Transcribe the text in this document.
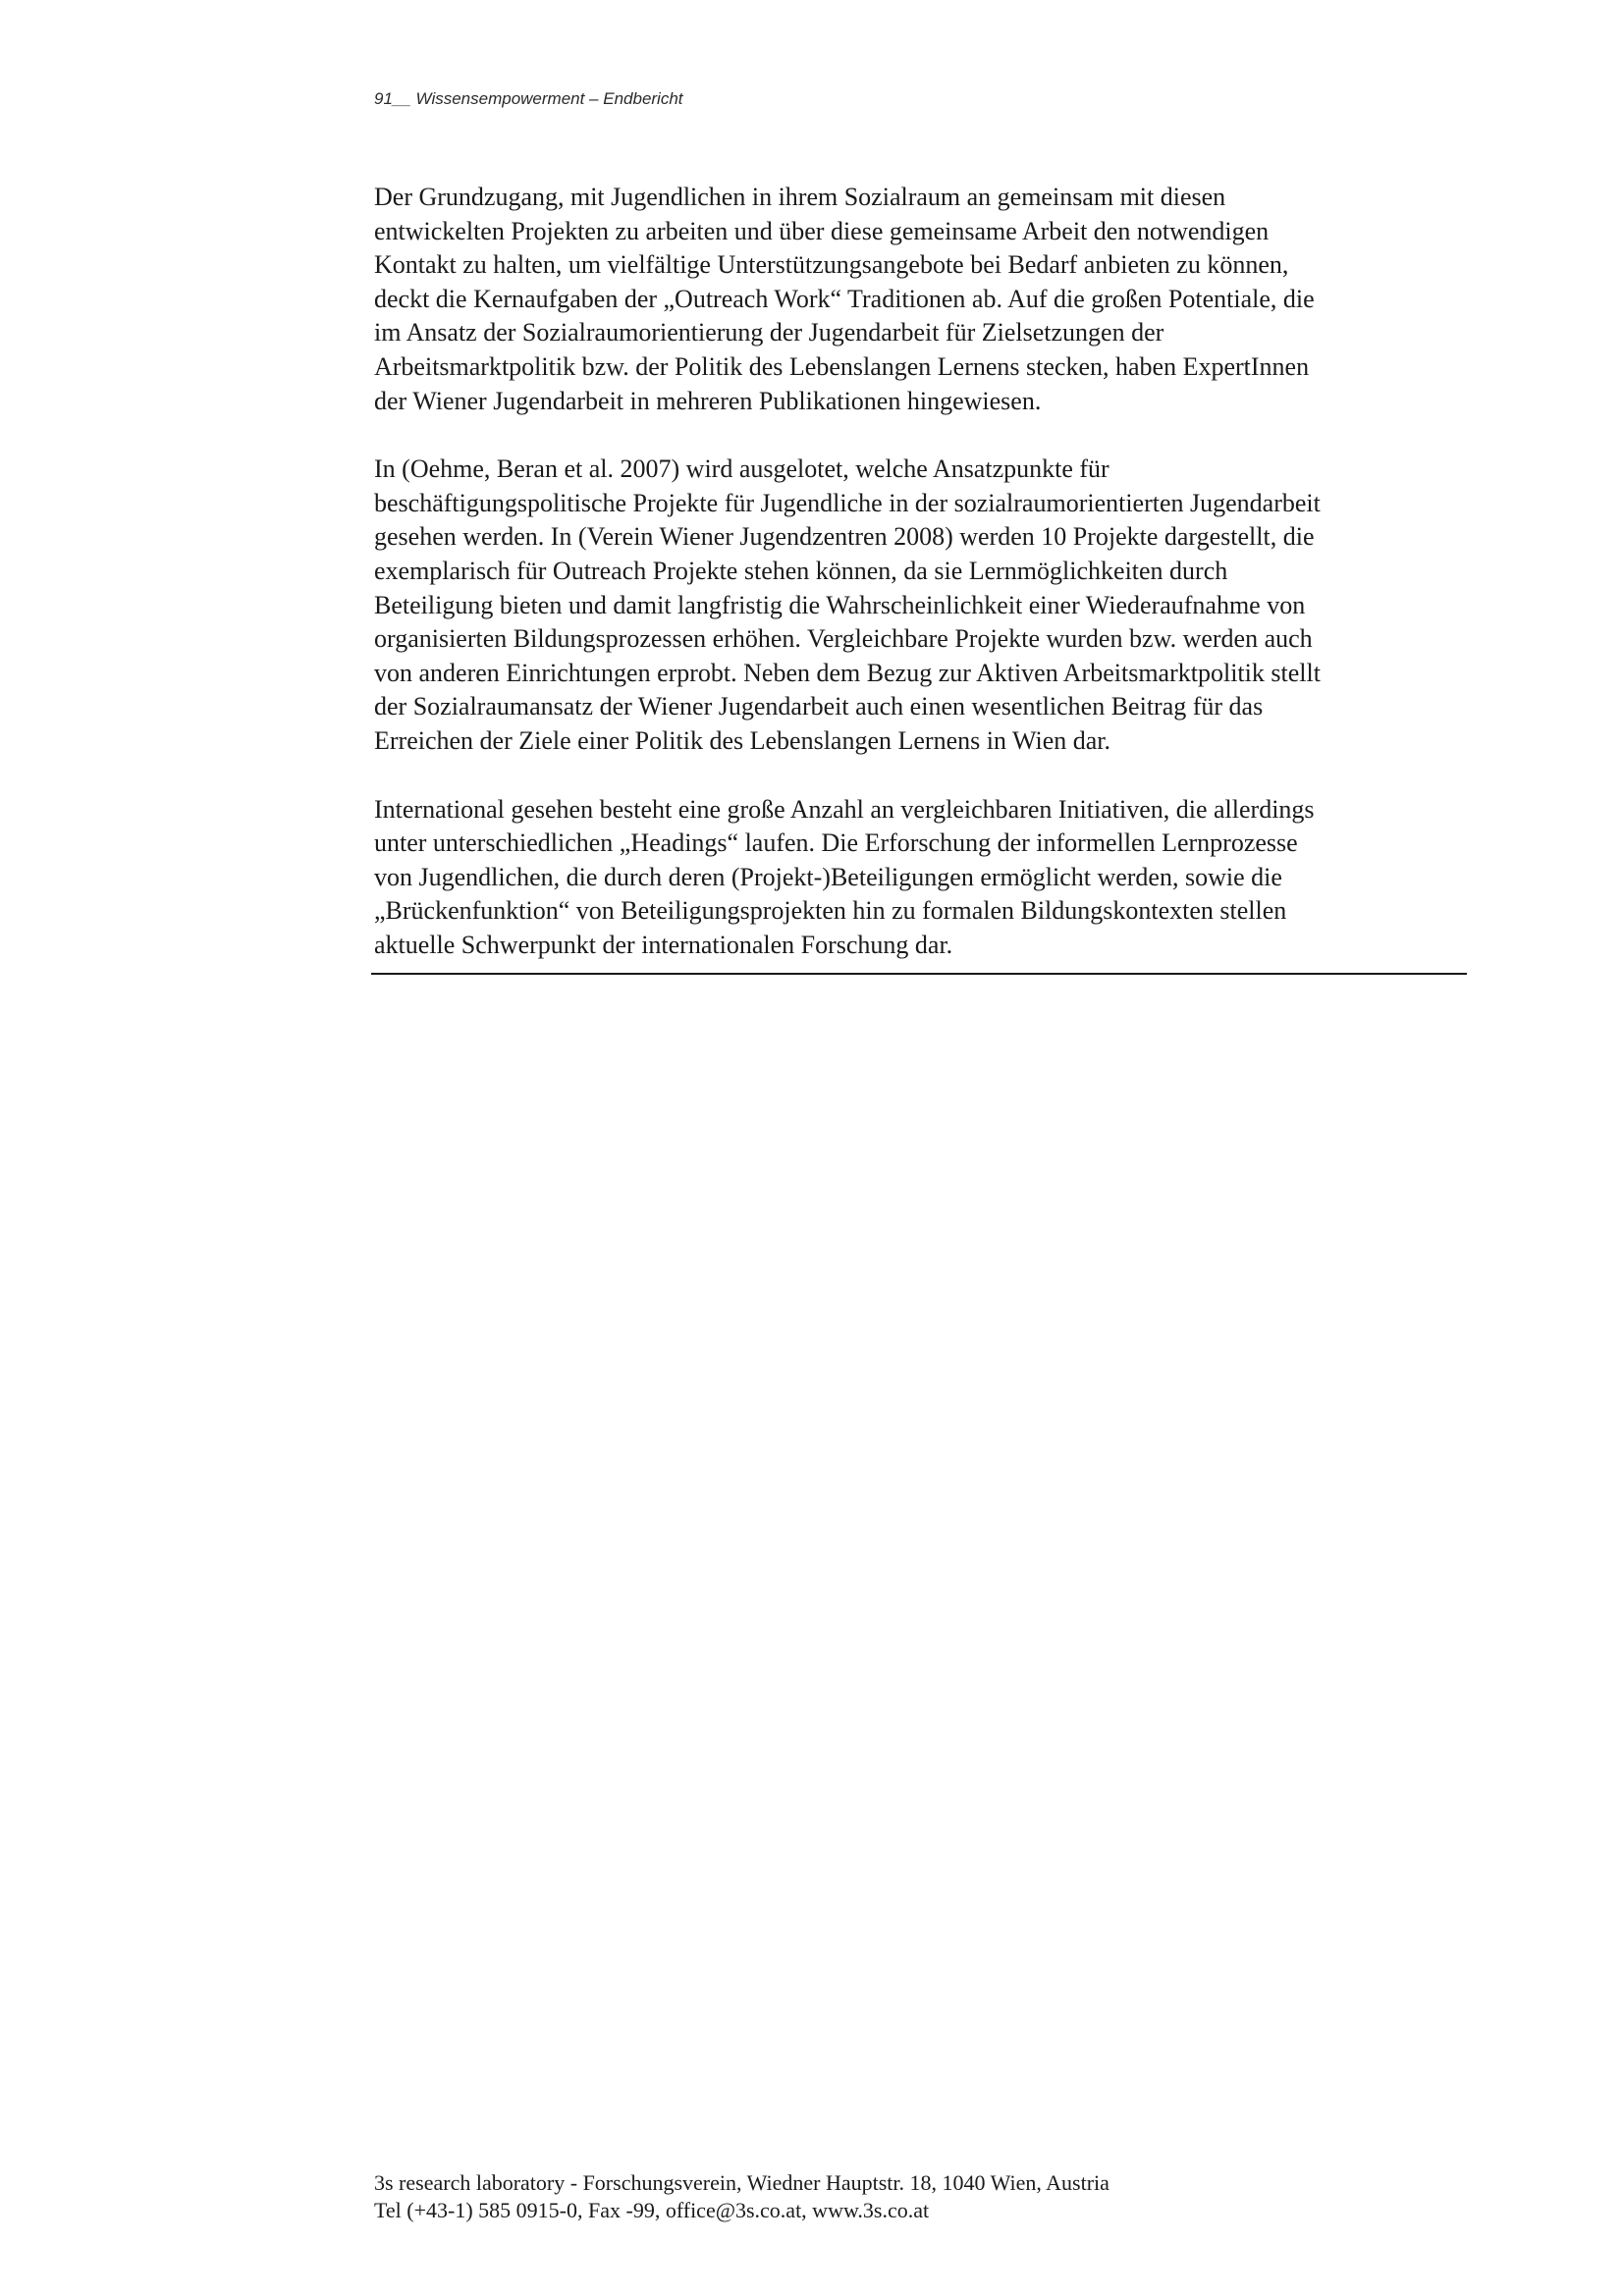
91__ Wissensempowerment – Endbericht

Der Grundzugang, mit Jugendlichen in ihrem Sozialraum an gemeinsam mit diesen
entwickelten Projekten zu arbeiten und über diese gemeinsame Arbeit den notwendigen
Kontakt zu halten, um vielfältige Unterstützungsangebote bei Bedarf anbieten zu können,
deckt die Kernaufgaben der „Outreach Work“ Traditionen ab. Auf die großen Potentiale, die
im Ansatz der Sozialraumorientierung der Jugendarbeit für Zielsetzungen der
Arbeitsmarktpolitik bzw. der Politik des Lebenslangen Lernens stecken, haben ExpertInnen
der Wiener Jugendarbeit in mehreren Publikationen hingewiesen.

In (Oehme, Beran et al. 2007) wird ausgelotet, welche Ansatzpunkte für
beschäftigungspolitische Projekte für Jugendliche in der sozialraumorientierten Jugendarbeit
gesehen werden. In (Verein Wiener Jugendzentren 2008) werden 10 Projekte dargestellt, die
exemplarisch für Outreach Projekte stehen können, da sie Lernmöglichkeiten durch
Beteiligung bieten und damit langfristig die Wahrscheinlichkeit einer Wiederaufnahme von
organisierten Bildungsprozessen erhöhen. Vergleichbare Projekte wurden bzw. werden auch
von anderen Einrichtungen erprobt. Neben dem Bezug zur Aktiven Arbeitsmarktpolitik stellt
der Sozialraumansatz der Wiener Jugendarbeit auch einen wesentlichen Beitrag für das
Erreichen der Ziele einer Politik des Lebenslangen Lernens in Wien dar.

International gesehen besteht eine große Anzahl an vergleichbaren Initiativen, die allerdings
unter unterschiedlichen „Headings“ laufen. Die Erforschung der informellen Lernprozesse
von Jugendlichen, die durch deren (Projekt-)Beteiligungen ermöglicht werden, sowie die
„Brückenfunktion“ von Beteiligungsprojekten hin zu formalen Bildungskontexten stellen
aktuelle Schwerpunkt der internationalen Forschung dar.

3s research laboratory - Forschungsverein, Wiedner Hauptstr. 18, 1040 Wien, Austria
Tel (+43-1) 585 0915-0, Fax -99, office@3s.co.at, www.3s.co.at
